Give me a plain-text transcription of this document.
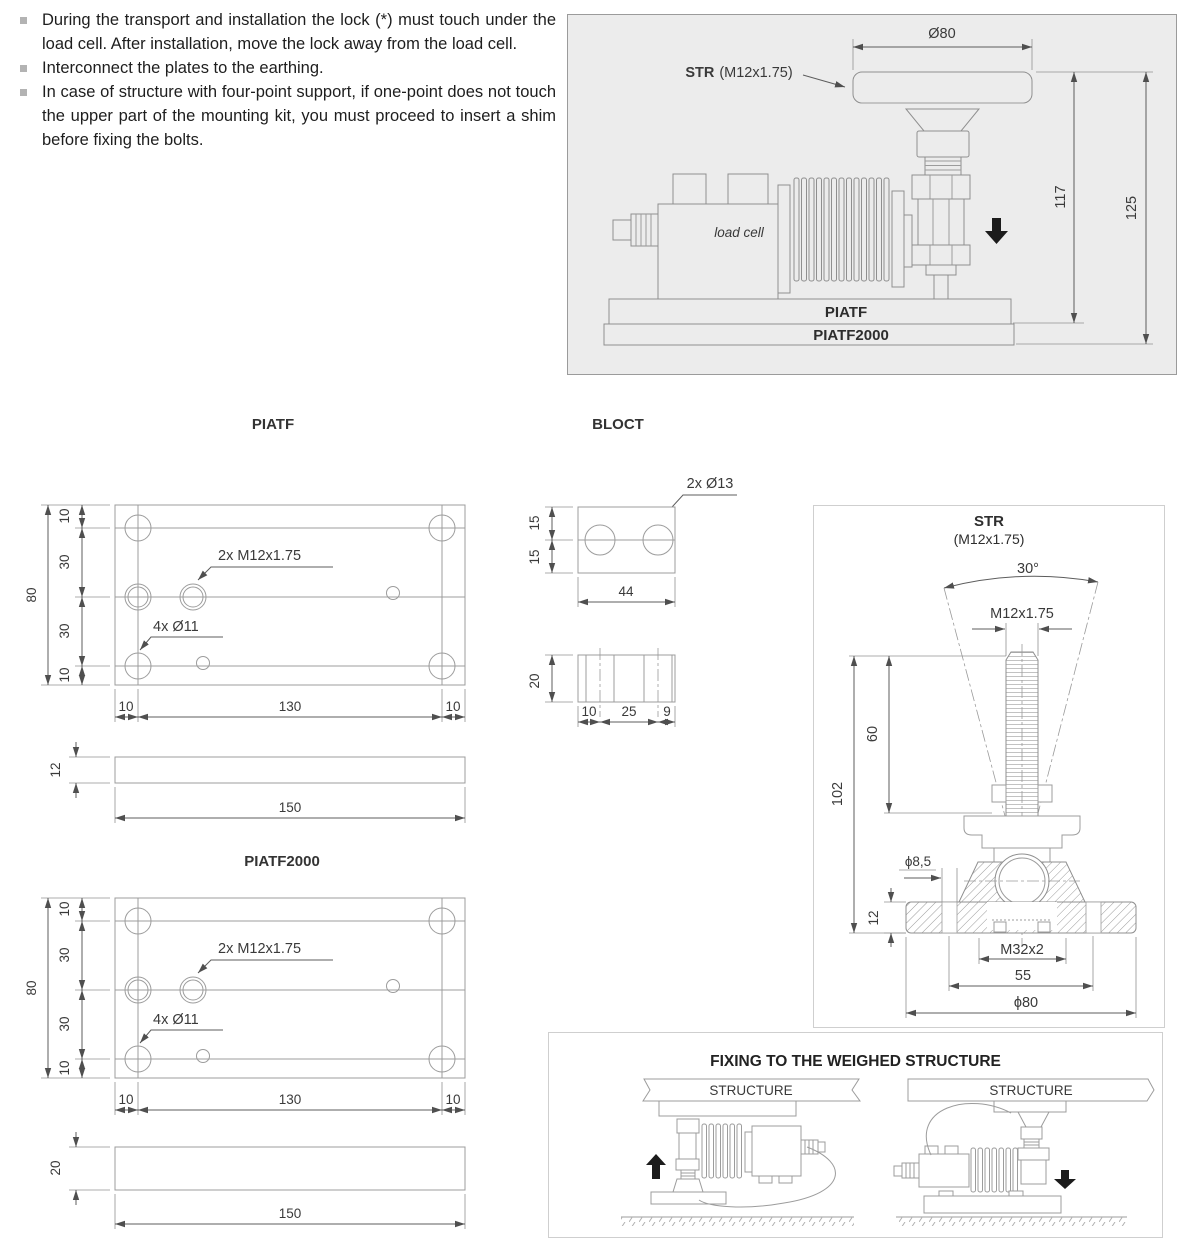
During the transport and installation the lock (*) must touch under the load cell. After installation, move the lock away from the load cell.

Interconnect the plates to the earthing.

In case of structure with four-point support, if one-point does not touch the upper part of the mounting kit, you must proceed to insert a shim before fixing the bolts.

Ø80
STR (M12x1.75)
load cell
PIATF
PIATF2000
117	125
PIATF	BLOCT
PIATF2000
2x M12x1.75
4x Ø11
80
10
30
30
10
10	130	10
12
150
2x M12x1.75
4x Ø11
80
10
30
30
10
10	130	10
20
150
2x Ø13
15
15
44
20
10 25 9
STR
(M12x1.75)
30°
M12x1.75
60
102
ϕ8,5
12
M32x2
55
ϕ80
FIXING TO THE WEIGHED STRUCTURE
STRUCTURE	STRUCTURE
